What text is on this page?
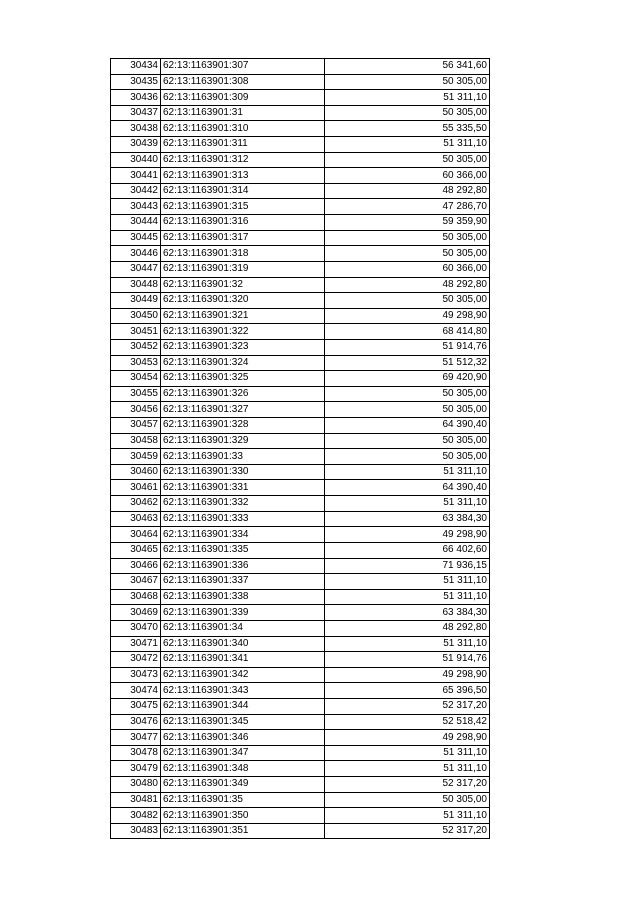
30434	62:13:1163901:307	56 341,60
30435	62:13:1163901:308	50 305,00
30436	62:13:1163901:309	51 311,10
30437	62:13:1163901:31	50 305,00
30438	62:13:1163901:310	55 335,50
30439	62:13:1163901:311	51 311,10
30440	62:13:1163901:312	50 305,00
30441	62:13:1163901:313	60 366,00
30442	62:13:1163901:314	48 292,80
30443	62:13:1163901:315	47 286,70
30444	62:13:1163901:316	59 359,90
30445	62:13:1163901:317	50 305,00
30446	62:13:1163901:318	50 305,00
30447	62:13:1163901:319	60 366,00
30448	62:13:1163901:32	48 292,80
30449	62:13:1163901:320	50 305,00
30450	62:13:1163901:321	49 298,90
30451	62:13:1163901:322	68 414,80
30452	62:13:1163901:323	51 914,76
30453	62:13:1163901:324	51 512,32
30454	62:13:1163901:325	69 420,90
30455	62:13:1163901:326	50 305,00
30456	62:13:1163901:327	50 305,00
30457	62:13:1163901:328	64 390,40
30458	62:13:1163901:329	50 305,00
30459	62:13:1163901:33	50 305,00
30460	62:13:1163901:330	51 311,10
30461	62:13:1163901:331	64 390,40
30462	62:13:1163901:332	51 311,10
30463	62:13:1163901:333	63 384,30
30464	62:13:1163901:334	49 298,90
30465	62:13:1163901:335	66 402,60
30466	62:13:1163901:336	71 936,15
30467	62:13:1163901:337	51 311,10
30468	62:13:1163901:338	51 311,10
30469	62:13:1163901:339	63 384,30
30470	62:13:1163901:34	48 292,80
30471	62:13:1163901:340	51 311,10
30472	62:13:1163901:341	51 914,76
30473	62:13:1163901:342	49 298,90
30474	62:13:1163901:343	65 396,50
30475	62:13:1163901:344	52 317,20
30476	62:13:1163901:345	52 518,42
30477	62:13:1163901:346	49 298,90
30478	62:13:1163901:347	51 311,10
30479	62:13:1163901:348	51 311,10
30480	62:13:1163901:349	52 317,20
30481	62:13:1163901:35	50 305,00
30482	62:13:1163901:350	51 311,10
30483	62:13:1163901:351	52 317,20
